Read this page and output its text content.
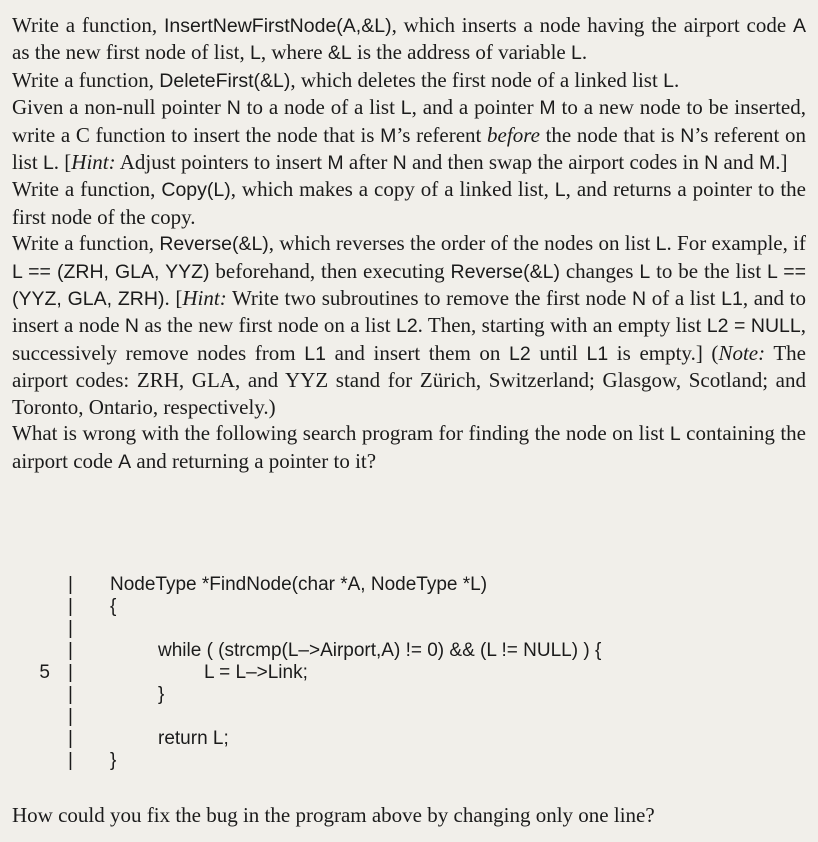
Write a function, InsertNewFirstNode(A,&L), which inserts a node having the airport code A as the new first node of list, L, where &L is the address of variable L.
Write a function, DeleteFirst(&L), which deletes the first node of a linked list L.
Given a non-null pointer N to a node of a list L, and a pointer M to a new node to be inserted, write a C function to insert the node that is M’s referent before the node that is N’s referent on list L. [Hint: Adjust pointers to insert M after N and then swap the airport codes in N and M.]
Write a function, Copy(L), which makes a copy of a linked list, L, and returns a pointer to the first node of the copy.
Write a function, Reverse(&L), which reverses the order of the nodes on list L. For example, if L == (ZRH, GLA, YYZ) beforehand, then executing Reverse(&L) changes L to be the list L == (YYZ, GLA, ZRH). [Hint: Write two subroutines to remove the first node N of a list L1, and to insert a node N as the new first node on a list L2. Then, starting with an empty list L2 = NULL, successively remove nodes from L1 and insert them on L2 until L1 is empty.] (Note: The airport codes: ZRH, GLA, and YYZ stand for Zürich, Switzerland; Glasgow, Scotland; and Toronto, Ontario, respectively.)
What is wrong with the following search program for finding the node on list L containing the airport code A and returning a pointer to it?
| NodeType *FindNode(char *A, NodeType *L)
| {
|
|	while ( (strcmp(L–>Airport,A) != 0) && (L != NULL) ) {
5 |	L = L–>Link;
|	}
|
|	return L;
| }
How could you fix the bug in the program above by changing only one line?
